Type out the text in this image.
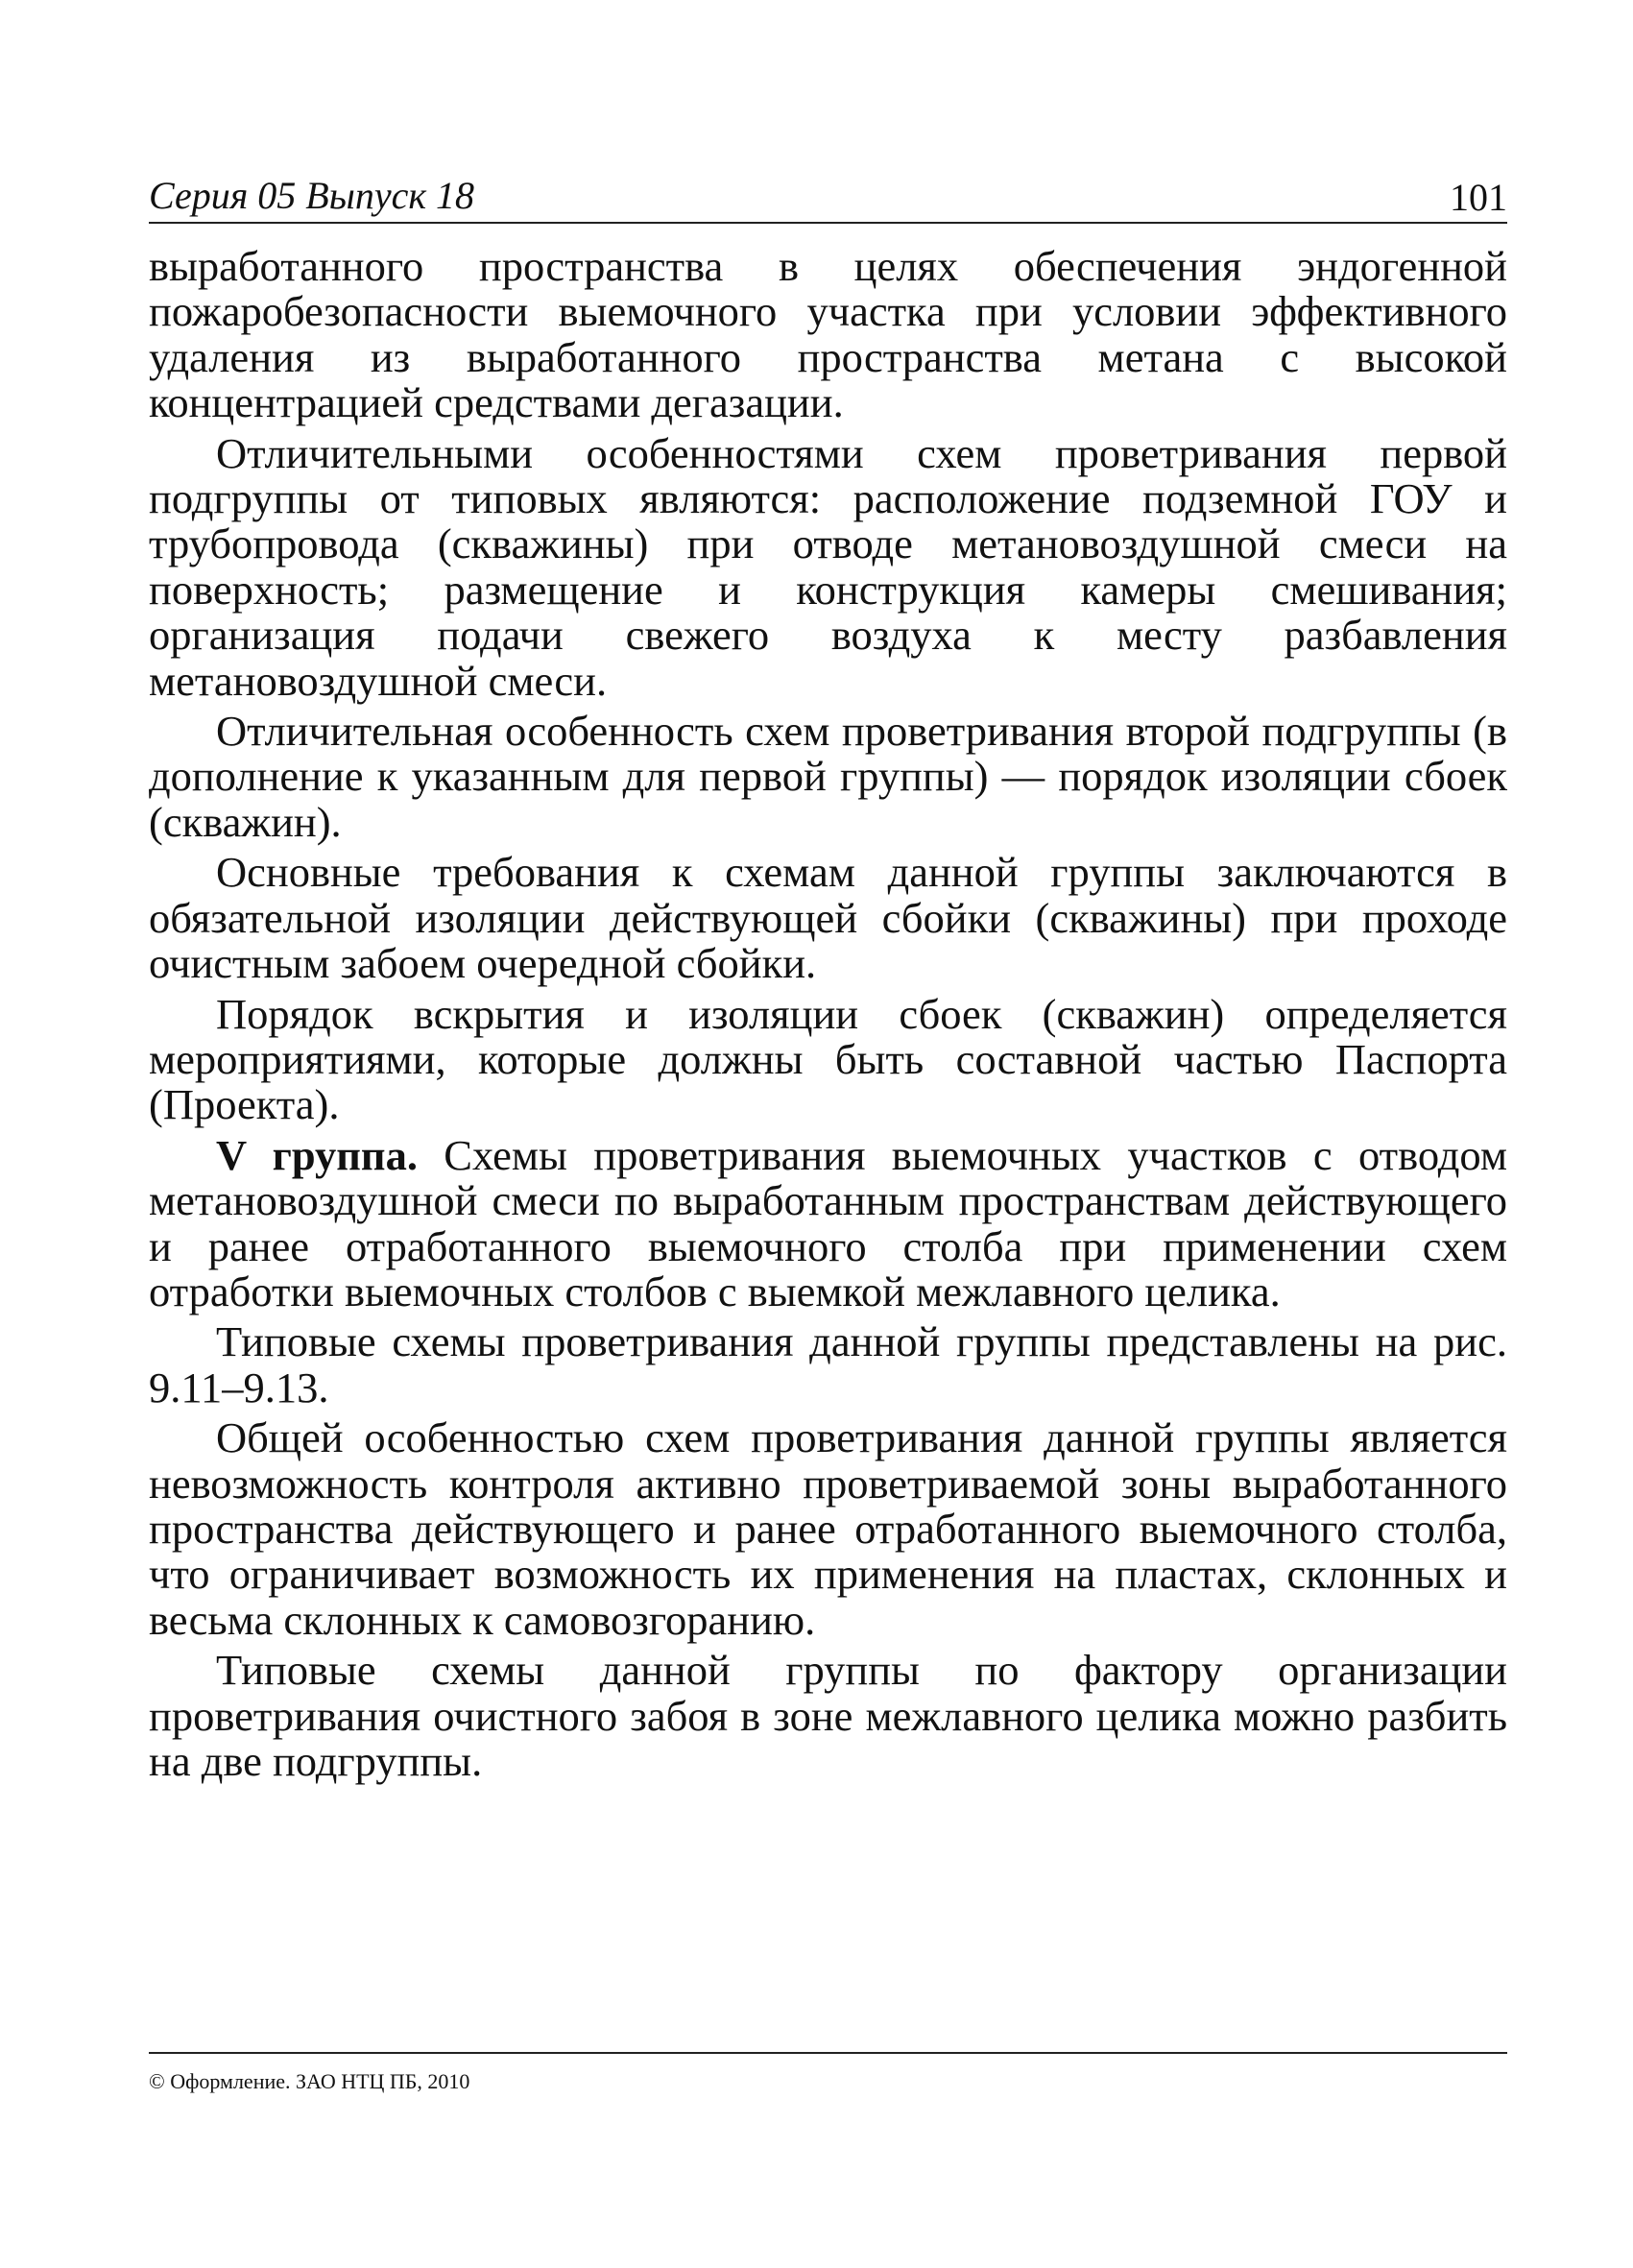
Серия 05 Выпуск 18	101

выработанного пространства в целях обеспечения эндогенной пожаробезопасности выемочного участка при условии эффективного удаления из выработанного пространства метана с высокой концентрацией средствами дегазации.

Отличительными особенностями схем проветривания первой подгруппы от типовых являются: расположение подземной ГОУ и трубопровода (скважины) при отводе метановоздушной смеси на поверхность; размещение и конструкция камеры смешивания; организация подачи свежего воздуха к месту разбавления метановоздушной смеси.

Отличительная особенность схем проветривания второй подгруппы (в дополнение к указанным для первой группы) — порядок изоляции сбоек (скважин).

Основные требования к схемам данной группы заключаются в обязательной изоляции действующей сбойки (скважины) при проходе очистным забоем очередной сбойки.

Порядок вскрытия и изоляции сбоек (скважин) определяется мероприятиями, которые должны быть составной частью Паспорта (Проекта).

V группа. Схемы проветривания выемочных участков с отводом метановоздушной смеси по выработанным пространствам действующего и ранее отработанного выемочного столба при применении схем отработки выемочных столбов с выемкой межлавного целика.

Типовые схемы проветривания данной группы представлены на рис. 9.11–9.13.

Общей особенностью схем проветривания данной группы является невозможность контроля активно проветриваемой зоны выработанного пространства действующего и ранее отработанного выемочного столба, что ограничивает возможность их применения на пластах, склонных и весьма склонных к самовозгоранию.

Типовые схемы данной группы по фактору организации проветривания очистного забоя в зоне межлавного целика можно разбить на две подгруппы.

© Оформление. ЗАО НТЦ ПБ, 2010
